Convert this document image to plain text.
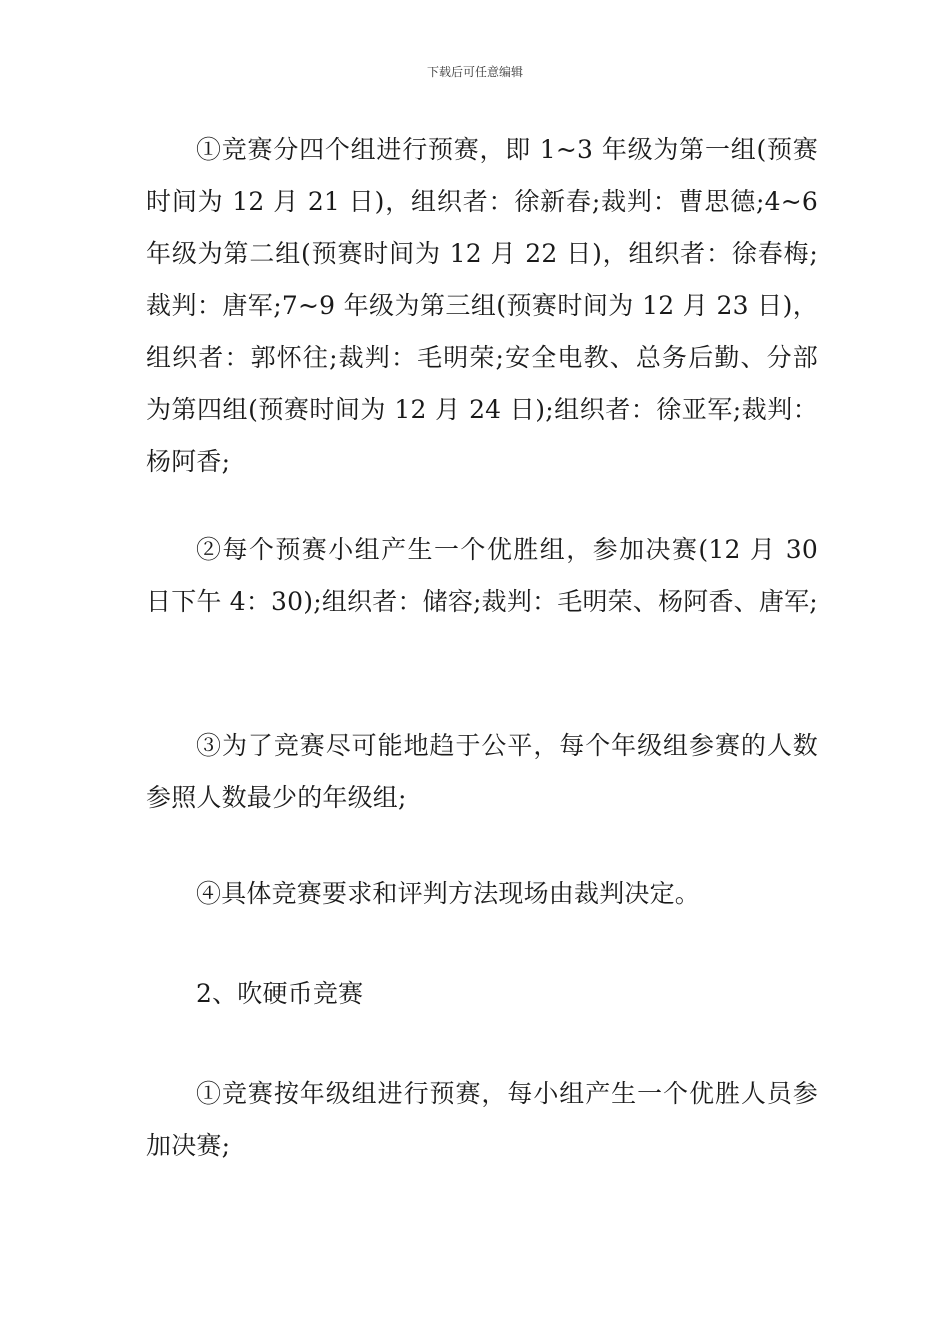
下载后可任意编辑

①竞赛分四个组进行预赛，即 1~3 年级为第一组(预赛时间为 12 月 21 日)，组织者：徐新春;裁判：曹思德;4~6 年级为第二组(预赛时间为 12 月 22 日)，组织者：徐春梅;裁判：唐军;7~9 年级为第三组(预赛时间为 12 月 23 日)，组织者：郭怀往;裁判：毛明荣;安全电教、总务后勤、分部为第四组(预赛时间为 12 月 24 日);组织者：徐亚军;裁判：杨阿香;

②每个预赛小组产生一个优胜组，参加决赛(12 月 30 日下午 4：30);组织者：储容;裁判：毛明荣、杨阿香、唐军;

③为了竞赛尽可能地趋于公平，每个年级组参赛的人数参照人数最少的年级组;

④具体竞赛要求和评判方法现场由裁判决定。

2、吹硬币竞赛

①竞赛按年级组进行预赛，每小组产生一个优胜人员参加决赛;
